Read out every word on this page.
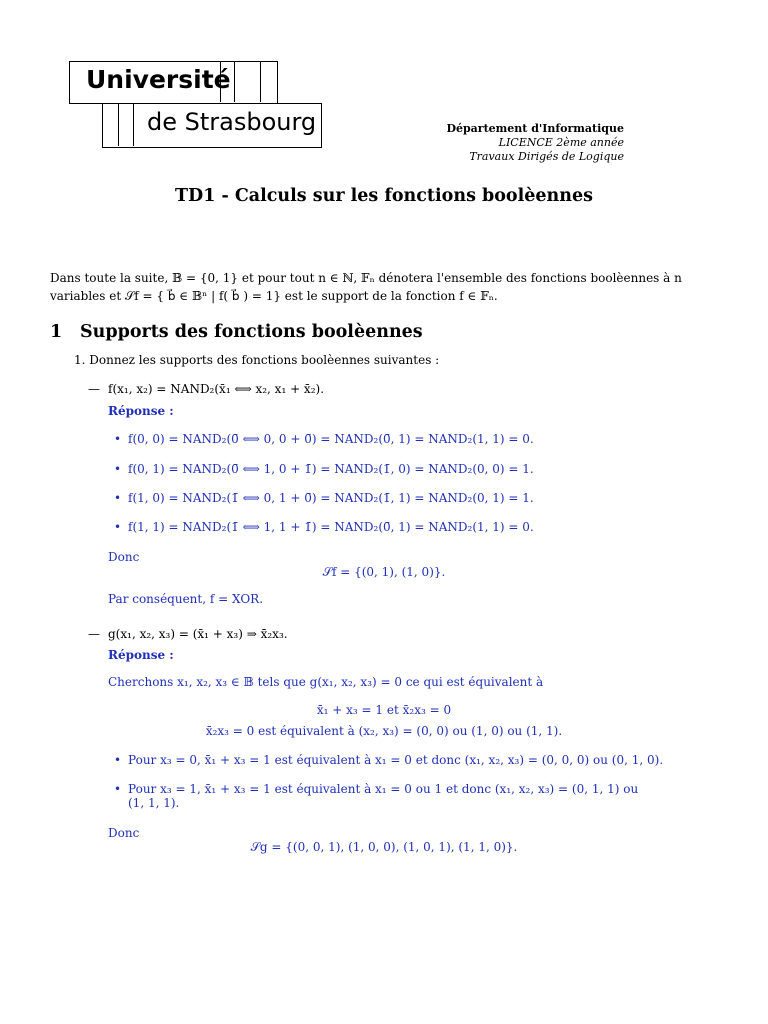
Université
de Strasbourg	Département d'Informatique
LICENCE 2ème année
Travaux Dirigés de Logique
TD1 - Calculs sur les fonctions boolèennes
Dans toute la suite, 𝔹 = {0, 1} et pour tout n ∈ ℕ, 𝔽ₙ dénotera l'ensemble des fonctions boolèennes à n
variables et 𝒮f = { b⃗ ∈ 𝔹ⁿ | f( b⃗ ) = 1} est le support de la fonction f ∈ 𝔽ₙ.
1 Supports des fonctions boolèennes
1. Donnez les supports des fonctions boolèennes suivantes :
— f(x₁, x₂) = NAND₂(x̄₁ ⟺ x₂, x₁ + x̄₂).
Réponse :
• f(0, 0) = NAND₂(0̄ ⟺ 0, 0 + 0̄) = NAND₂(0̄, 1) = NAND₂(1, 1) = 0.
• f(0, 1) = NAND₂(0̄ ⟺ 1, 0 + 1̄) = NAND₂(1̄, 0) = NAND₂(0, 0) = 1.
• f(1, 0) = NAND₂(1̄ ⟺ 0, 1 + 0̄) = NAND₂(1̄, 1) = NAND₂(0, 1) = 1.
• f(1, 1) = NAND₂(1̄ ⟺ 1, 1 + 1̄) = NAND₂(0̄, 1) = NAND₂(1, 1) = 0.
Donc
𝒮f = {(0, 1), (1, 0)}.
Par conséquent, f = XOR.
— g(x₁, x₂, x₃) = (x̄₁ + x₃) ⇒ x̄₂x₃.
Réponse :
Cherchons x₁, x₂, x₃ ∈ 𝔹 tels que g(x₁, x₂, x₃) = 0 ce qui est équivalent à
x̄₁ + x₃ = 1 et x̄₂x₃ = 0
x̄₂x₃ = 0 est équivalent à (x₂, x₃) = (0, 0) ou (1, 0) ou (1, 1).
• Pour x₃ = 0, x̄₁ + x₃ = 1 est équivalent à x₁ = 0 et donc (x₁, x₂, x₃) = (0, 0, 0) ou (0, 1, 0).
• Pour x₃ = 1, x̄₁ + x₃ = 1 est équivalent à x₁ = 0 ou 1 et donc (x₁, x₂, x₃) = (0, 1, 1) ou
(1, 1, 1).
Donc
𝒮g = {(0, 0, 1), (1, 0, 0), (1, 0, 1), (1, 1, 0)}.
